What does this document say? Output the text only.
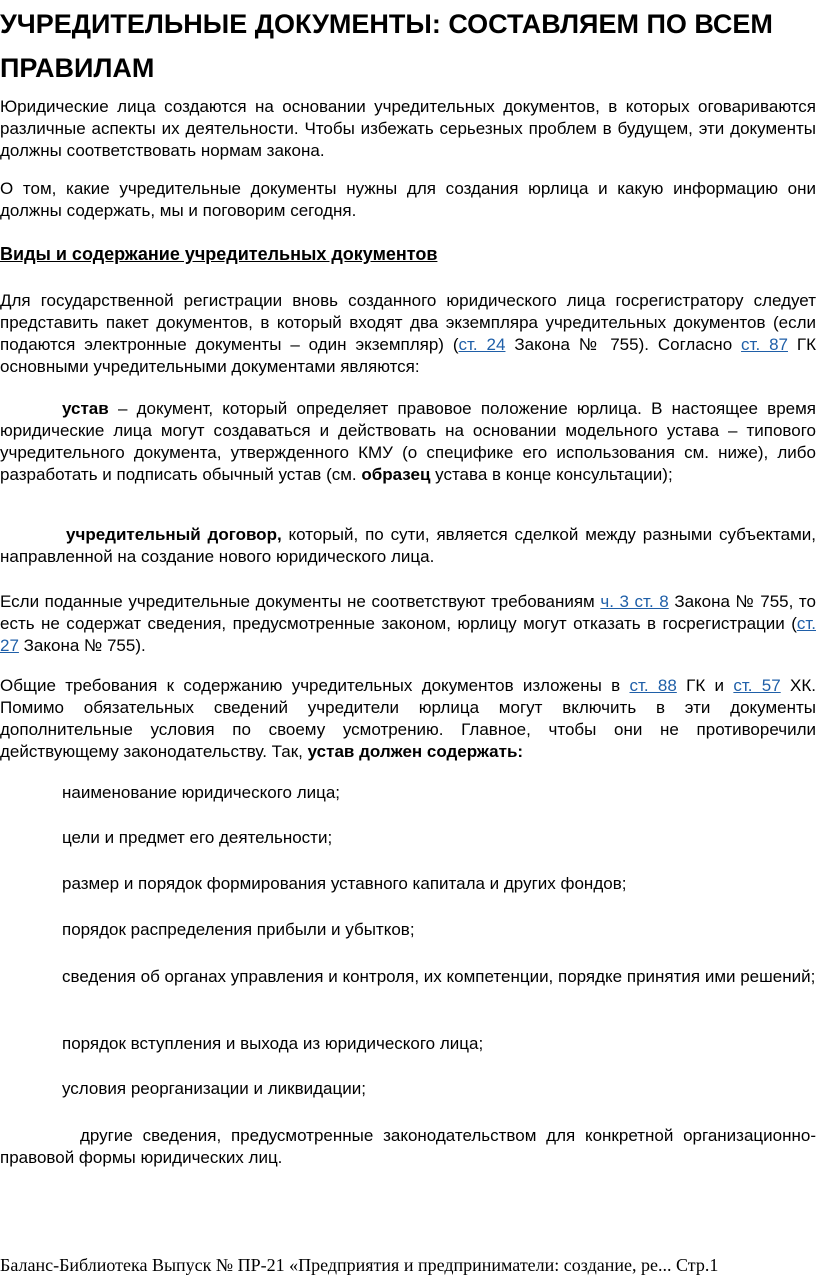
УЧРЕДИТЕЛЬНЫЕ ДОКУМЕНТЫ: СОСТАВЛЯЕМ ПО ВСЕМ ПРАВИЛАМ
Юридические лица создаются на основании учредительных документов, в которых оговариваются различные аспекты их деятельности. Чтобы избежать серьезных проблем в будущем, эти документы должны соответствовать нормам закона.
О том, какие учредительные документы нужны для создания юрлица и какую информацию они должны содержать, мы и поговорим сегодня.
Виды и содержание учредительных документов
Для государственной регистрации вновь созданного юридического лица госрегистратору следует представить пакет документов, в который входят два экземпляра учредительных документов (если подаются электронные документы – один экземпляр) (ст. 24 Закона № 755). Согласно ст. 87 ГК основными учредительными документами являются:
устав – документ, который определяет правовое положение юрлица. В настоящее время юридические лица могут создаваться и действовать на основании модельного устава – типового учредительного документа, утвержденного КМУ (о специфике его использования см. ниже), либо разработать и подписать обычный устав (см. образец устава в конце консультации);
учредительный договор, который, по сути, является сделкой между разными субъектами, направленной на создание нового юридического лица.
Если поданные учредительные документы не соответствуют требованиям ч. 3 ст. 8 Закона № 755, то есть не содержат сведения, предусмотренные законом, юрлицу могут отказать в госрегистрации (ст. 27 Закона № 755).
Общие требования к содержанию учредительных документов изложены в ст. 88 ГК и ст. 57 ХК. Помимо обязательных сведений учредители юрлица могут включить в эти документы дополнительные условия по своему усмотрению. Главное, чтобы они не противоречили действующему законодательству. Так, устав должен содержать:
наименование юридического лица;
цели и предмет его деятельности;
размер и порядок формирования уставного капитала и других фондов;
порядок распределения прибыли и убытков;
сведения об органах управления и контроля, их компетенции, порядке принятия ими решений;
порядок вступления и выхода из юридического лица;
условия реорганизации и ликвидации;
другие сведения, предусмотренные законодательством для конкретной организационно-правовой формы юридических лиц.
Баланс-Библиотека Выпуск № ПР-21 «Предприятия и предприниматели: создание, ре... Стр.1
